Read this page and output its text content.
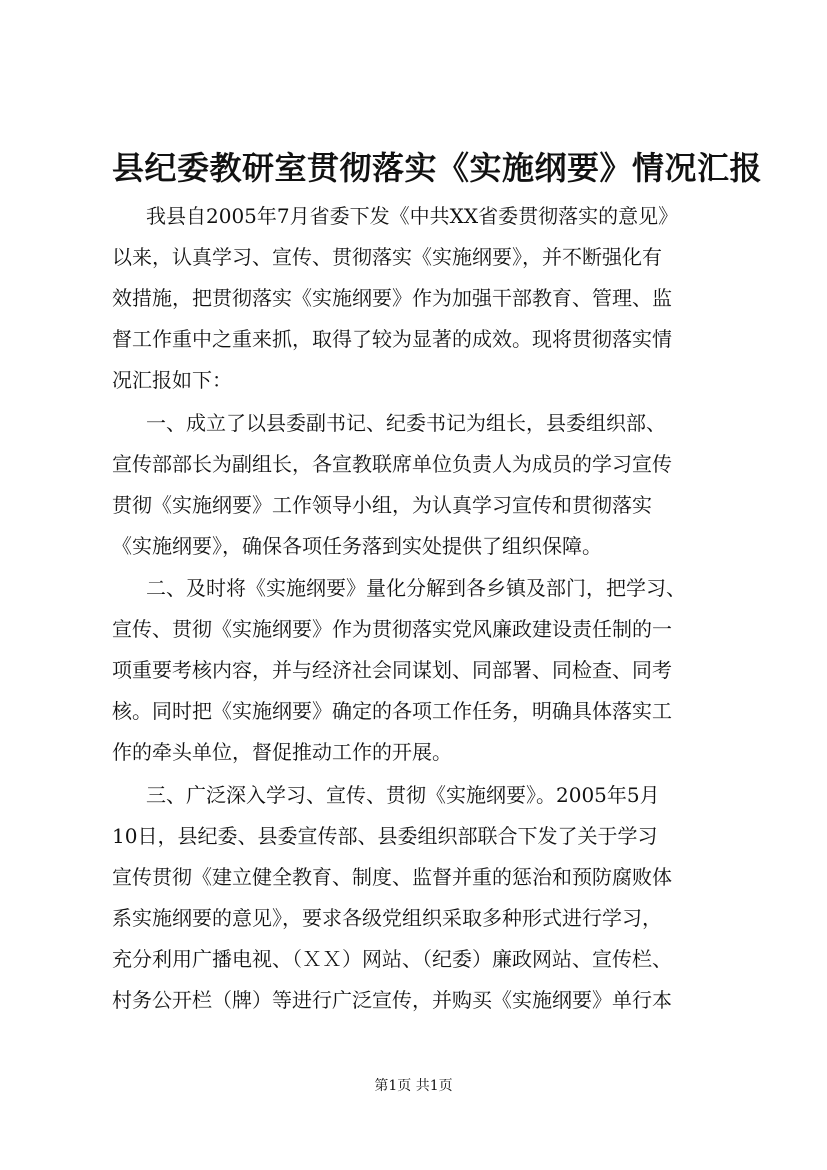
县纪委教研室贯彻落实《实施纲要》情况汇报
我县自2005年7月省委下发《中共XX省委贯彻落实的意见》
以来，认真学习、宣传、贯彻落实《实施纲要》，并不断强化有
效措施，把贯彻落实《实施纲要》作为加强干部教育、管理、监
督工作重中之重来抓，取得了较为显著的成效。现将贯彻落实情
况汇报如下：
一、成立了以县委副书记、纪委书记为组长，县委组织部、
宣传部部长为副组长，各宣教联席单位负责人为成员的学习宣传
贯彻《实施纲要》工作领导小组，为认真学习宣传和贯彻落实
《实施纲要》，确保各项任务落到实处提供了组织保障。
二、及时将《实施纲要》量化分解到各乡镇及部门，把学习、
宣传、贯彻《实施纲要》作为贯彻落实党风廉政建设责任制的一
项重要考核内容，并与经济社会同谋划、同部署、同检查、同考
核。同时把《实施纲要》确定的各项工作任务，明确具体落实工
作的牵头单位，督促推动工作的开展。
三、广泛深入学习、宣传、贯彻《实施纲要》。2005年5月
10日，县纪委、县委宣传部、县委组织部联合下发了关于学习
宣传贯彻《建立健全教育、制度、监督并重的惩治和预防腐败体
系实施纲要的意见》，要求各级党组织采取多种形式进行学习，
充分利用广播电视、（ＸＸ）网站、（纪委）廉政网站、宣传栏、
村务公开栏（牌）等进行广泛宣传，并购买《实施纲要》单行本
第1页 共1页
